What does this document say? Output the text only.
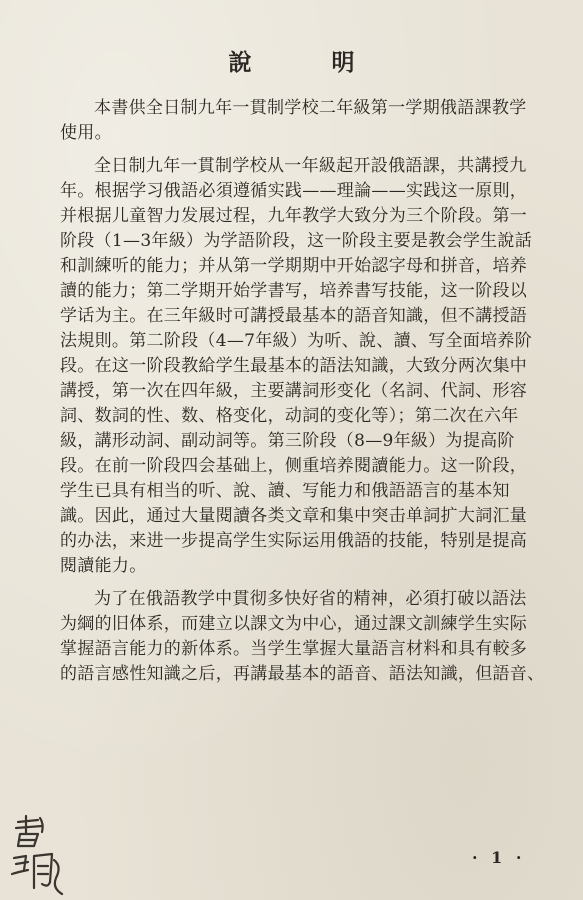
說 明
本書供全日制九年一貫制学校二年級第一学期俄語課教学
使用。
全日制九年一貫制学校从一年級起开設俄語課，共講授九
年。根据学习俄語必須遵循实践——理論——实践这一原則，
并根据儿童智力发展过程，九年教学大致分为三个阶段。第一
阶段（1—3年級）为学語阶段，这一阶段主要是教会学生說話
和訓練听的能力；并从第一学期期中开始認字母和拼音，培养
讀的能力；第二学期开始学書写，培养書写技能，这一阶段以
学话为主。在三年級时可講授最基本的語音知識，但不講授語
法規則。第二阶段（4—7年級）为听、說、讀、写全面培养阶
段。在这一阶段教給学生最基本的語法知識，大致分两次集中
講授，第一次在四年級，主要講詞形变化（名詞、代詞、形容
詞、数詞的性、数、格变化，动詞的变化等）；第二次在六年
級，講形动詞、副动詞等。第三阶段（8—9年級）为提高阶
段。在前一阶段四会基础上，侧重培养閱讀能力。这一阶段，
学生已具有相当的听、說、讀、写能力和俄語語言的基本知
識。因此，通过大量閱讀各类文章和集中突击单詞扩大詞汇量
的办法，来进一步提高学生实际运用俄語的技能，特别是提高
閱讀能力。
为了在俄語教学中貫彻多快好省的精神，必須打破以語法
为綱的旧体系，而建立以課文为中心，通过課文訓練学生实际
掌握語言能力的新体系。当学生掌握大量語言材料和具有較多
的語言感性知識之后，再講最基本的語音、語法知識，但語音、
· 1 ·
